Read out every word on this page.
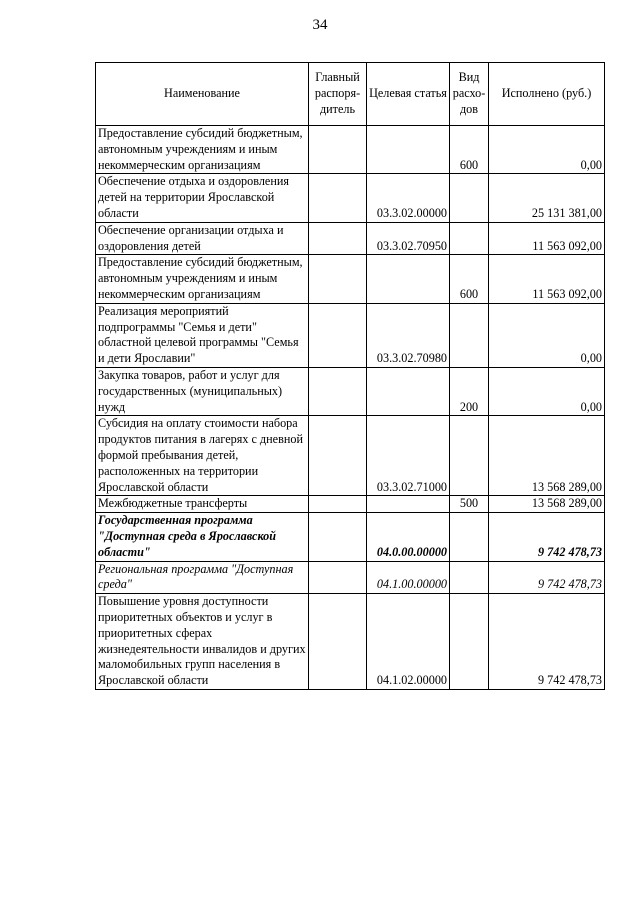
34
Наименование	Главный распоря-дитель	Целевая статья	Вид расхо-дов	Исполнено (руб.)
Предоставление субсидий бюджетным, автономным учреждениям и иным некоммерческим организациям			600	0,00
Обеспечение отдыха и оздоровления детей на территории Ярославской области		03.3.02.00000		25 131 381,00
Обеспечение организации отдыха и оздоровления детей		03.3.02.70950		11 563 092,00
Предоставление субсидий бюджетным, автономным учреждениям и иным некоммерческим организациям			600	11 563 092,00
Реализация мероприятий подпрограммы "Семья и дети" областной целевой программы "Семья и дети Ярославии"		03.3.02.70980		0,00
Закупка товаров, работ и услуг для государственных (муниципальных) нужд			200	0,00
Субсидия на оплату стоимости набора продуктов питания в лагерях с дневной формой пребывания детей, расположенных на территории Ярославской области		03.3.02.71000		13 568 289,00
Межбюджетные трансферты			500	13 568 289,00
Государственная программа "Доступная среда в Ярославской области"		04.0.00.00000		9 742 478,73
Региональная программа "Доступная среда"		04.1.00.00000		9 742 478,73
Повышение уровня доступности приоритетных объектов и услуг в приоритетных сферах жизнедеятельности инвалидов и других маломобильных групп населения в Ярославской области		04.1.02.00000		9 742 478,73
